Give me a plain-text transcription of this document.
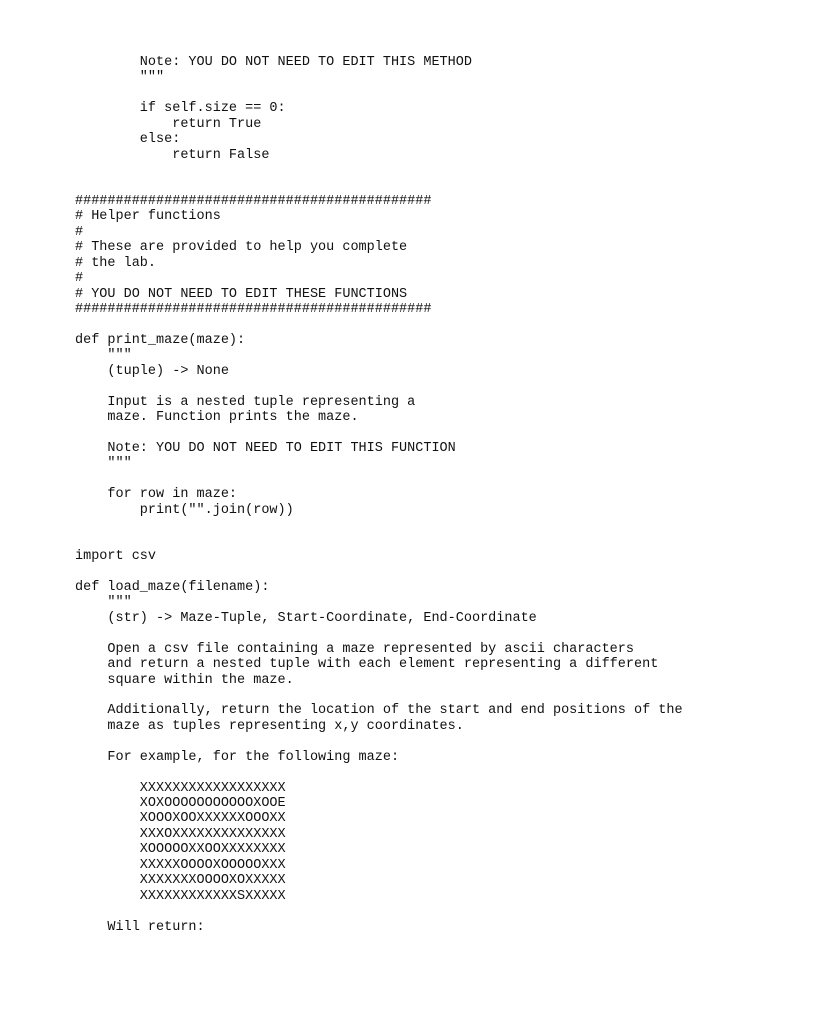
Note: YOU DO NOT NEED TO EDIT THIS METHOD
"""
if self.size == 0:
return True
else:
return False
############################################
# Helper functions
#
# These are provided to help you complete
# the lab.
#
# YOU DO NOT NEED TO EDIT THESE FUNCTIONS
############################################
def print_maze(maze):
"""
(tuple) -> None
Input is a nested tuple representing a
maze. Function prints the maze.
Note: YOU DO NOT NEED TO EDIT THIS FUNCTION
"""
for row in maze:
print("".join(row))
import csv
def load_maze(filename):
"""
(str) -> Maze-Tuple, Start-Coordinate, End-Coordinate
Open a csv file containing a maze represented by ascii characters
and return a nested tuple with each element representing a different
square within the maze.
Additionally, return the location of the start and end positions of the
maze as tuples representing x,y coordinates.
For example, for the following maze:
XXXXXXXXXXXXXXXXXX
XOXOOOOOOOOOOOXOOE
XOOOXOOXXXXXXOOOXX
XXXOXXXXXXXXXXXXXX
XOOOOOXXOOXXXXXXXX
XXXXXOOOOXOOOOOXXX
XXXXXXXOOOOXOXXXXX
XXXXXXXXXXXXSXXXXX
Will return:
